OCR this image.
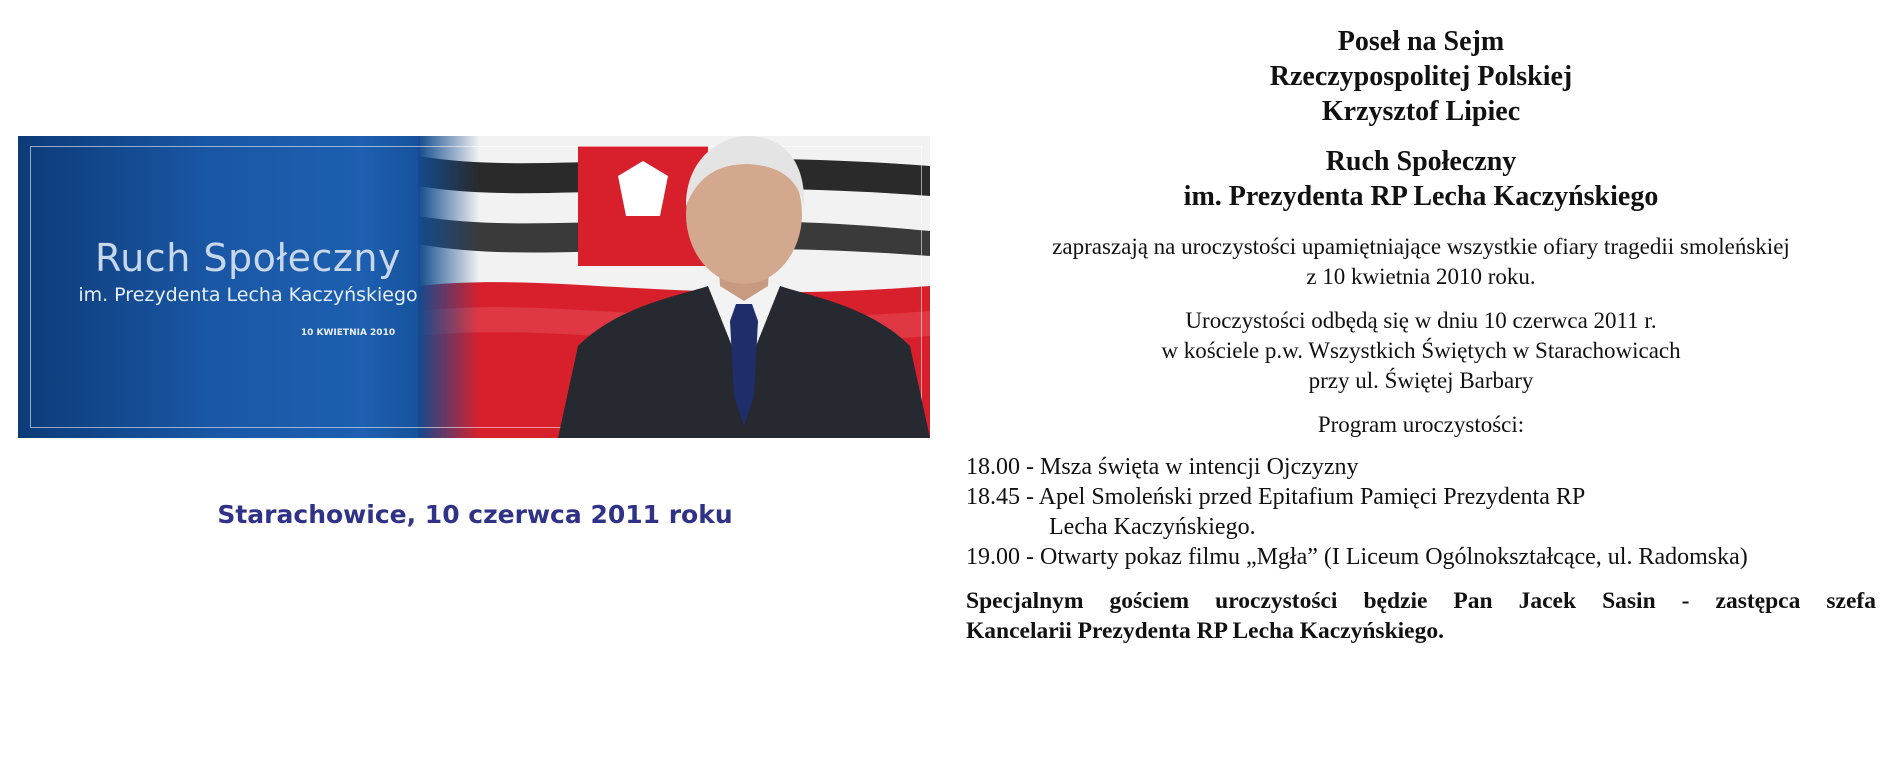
Ruch Społeczny
im. Prezydenta Lecha Kaczyńskiego
10 KWIETNIA 2010
Starachowice, 10 czerwca 2011 roku
Poseł na Sejm
Rzeczypospolitej Polskiej
Krzysztof Lipiec
Ruch Społeczny
im. Prezydenta RP Lecha Kaczyńskiego
zapraszają na uroczystości upamiętniające wszystkie ofiary tragedii smoleńskiej
z 10 kwietnia 2010 roku.
Uroczystości odbędą się w dniu 10 czerwca 2011 r.
w kościele p.w. Wszystkich Świętych w Starachowicach
przy ul. Świętej Barbary
Program uroczystości:
18.00 - Msza święta w intencji Ojczyzny
18.45 - Apel Smoleński przed Epitafium Pamięci Prezydenta RP
Lecha Kaczyńskiego.
19.00 - Otwarty pokaz filmu „Mgła” (I Liceum Ogólnokształcące, ul. Radomska)
Specjalnym gościem uroczystości będzie Pan Jacek Sasin - zastępca szefa
Kancelarii Prezydenta RP Lecha Kaczyńskiego.
